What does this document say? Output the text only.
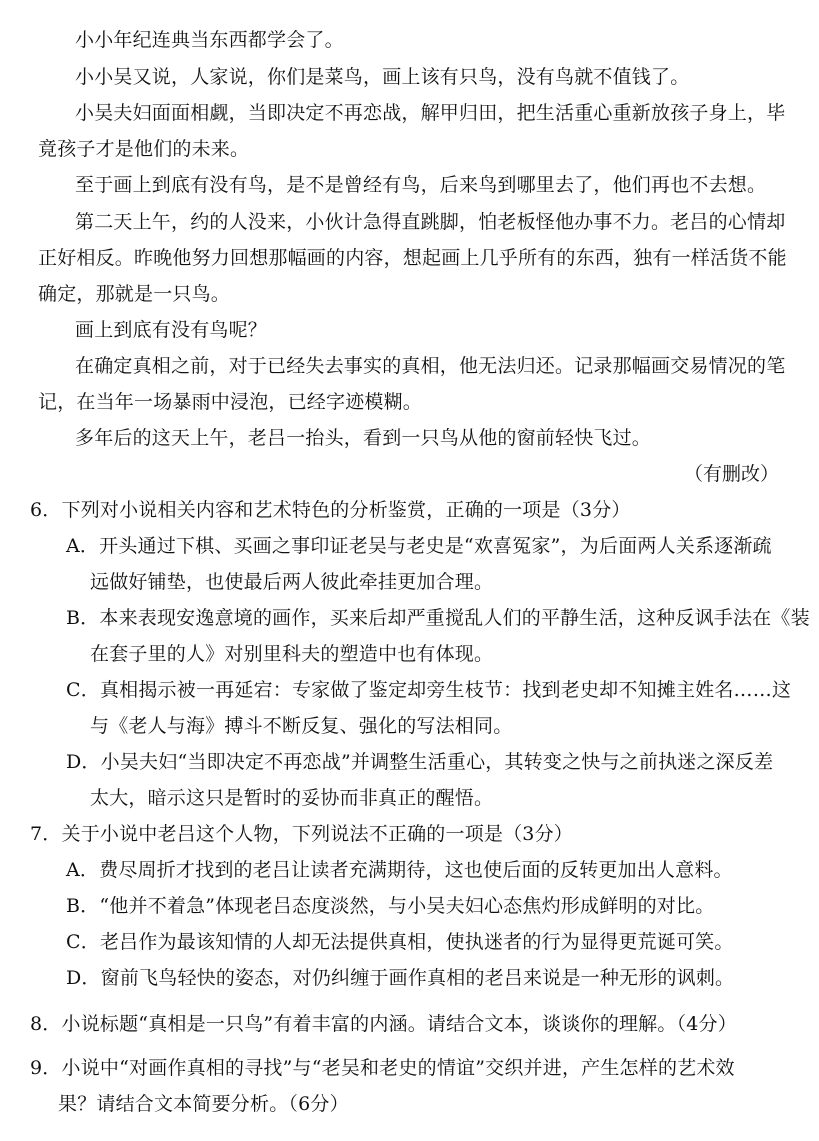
小小年纪连典当东西都学会了。
小小吴又说，人家说，你们是菜鸟，画上该有只鸟，没有鸟就不值钱了。
小吴夫妇面面相觑，当即决定不再恋战，解甲归田，把生活重心重新放孩子身上，毕
竟孩子才是他们的未来。
至于画上到底有没有鸟，是不是曾经有鸟，后来鸟到哪里去了，他们再也不去想。
第二天上午，约的人没来，小伙计急得直跳脚，怕老板怪他办事不力。老吕的心情却
正好相反。昨晚他努力回想那幅画的内容，想起画上几乎所有的东西，独有一样活货不能
确定，那就是一只鸟。
画上到底有没有鸟呢？
在确定真相之前，对于已经失去事实的真相，他无法归还。记录那幅画交易情况的笔
记，在当年一场暴雨中浸泡，已经字迹模糊。
多年后的这天上午，老吕一抬头，看到一只鸟从他的窗前轻快飞过。
（有删改）
6．下列对小说相关内容和艺术特色的分析鉴赏，正确的一项是（3分）
A．开头通过下棋、买画之事印证老吴与老史是“欢喜冤家”，为后面两人关系逐渐疏
远做好铺垫，也使最后两人彼此牵挂更加合理。
B．本来表现安逸意境的画作，买来后却严重搅乱人们的平静生活，这种反讽手法在《装
在套子里的人》对别里科夫的塑造中也有体现。
C．真相揭示被一再延宕：专家做了鉴定却旁生枝节：找到老史却不知摊主姓名……这
与《老人与海》搏斗不断反复、强化的写法相同。
D．小吴夫妇“当即决定不再恋战”并调整生活重心，其转变之快与之前执迷之深反差
太大，暗示这只是暂时的妥协而非真正的醒悟。
7．关于小说中老吕这个人物，下列说法不正确的一项是（3分）
A．费尽周折才找到的老吕让读者充满期待，这也使后面的反转更加出人意料。
B．“他并不着急”体现老吕态度淡然，与小吴夫妇心态焦灼形成鲜明的对比。
C．老吕作为最该知情的人却无法提供真相，使执迷者的行为显得更荒诞可笑。
D．窗前飞鸟轻快的姿态，对仍纠缠于画作真相的老吕来说是一种无形的讽刺。
8．小说标题“真相是一只鸟”有着丰富的内涵。请结合文本，谈谈你的理解。（4分）
9．小说中“对画作真相的寻找”与“老吴和老史的情谊”交织并进，产生怎样的艺术效
果？请结合文本简要分析。（6分）
